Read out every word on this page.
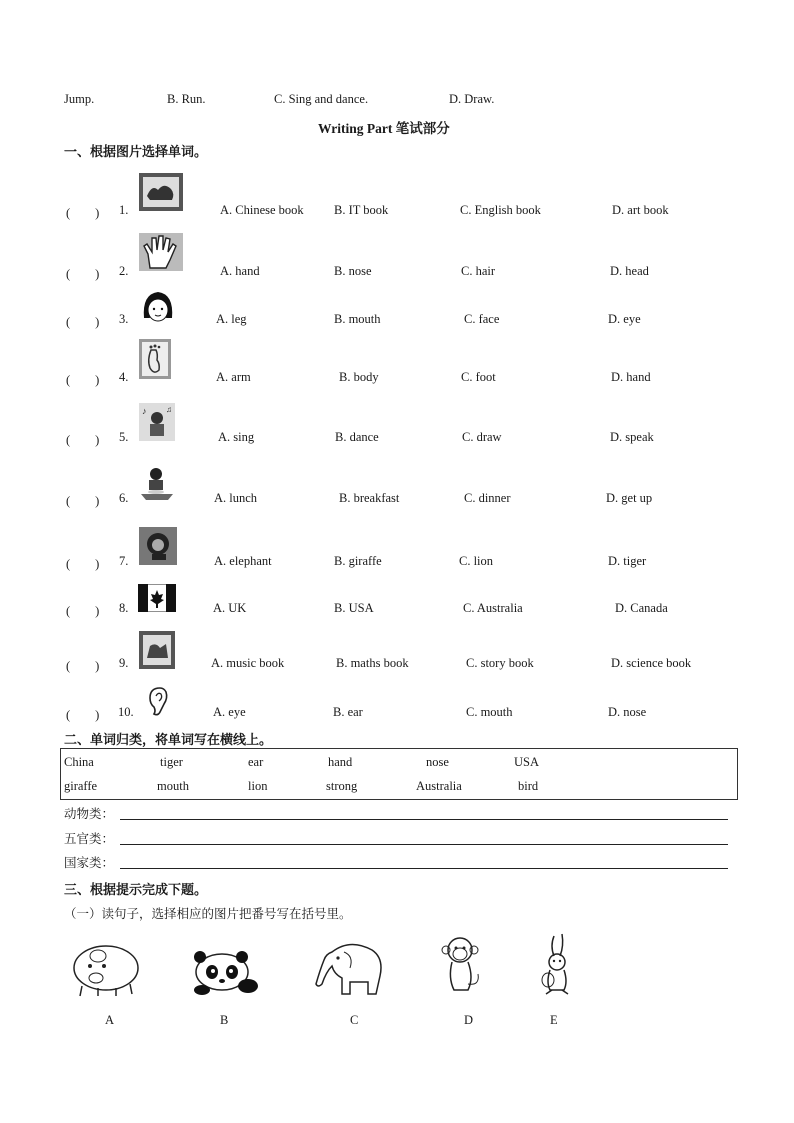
Jump.	B. Run.	C. Sing and dance.	D. Draw.
Writing Part 笔试部分
一、根据图片选择单词。
(　　) 1.	A. Chinese book B. IT book	C. English book	D. art book
(　　) 2.	A. hand	B. nose	C. hair	D. head
(　　) 3.	A. leg	B. mouth	C. face	D. eye
(　　) 4.	A. arm	B. body	C. foot	D. hand
(　　) 5.	A. sing	B. dance	C. draw	D. speak
(　　) 6.	A. lunch	B. breakfast	C. dinner	D. get up
(　　) 7.	A. elephant	B. giraffe	C. lion	D. tiger
(　　) 8.	A. UK	B. USA	C. Australia	D. Canada
(　　) 9.	A. music book	B. maths book	C. story book	D. science book
(　　) 10.	A. eye	B. ear	C. mouth	D. nose
♪ ♫
二、单词归类，将单词写在横线上。
China	tiger	ear	hand	nose	USA
giraffe	mouth	lion	strong	Australia	bird
动物类：
五官类：
国家类：
三、根据提示完成下题。
（一）读句子，选择相应的图片把番号写在括号里。
A	B	C	D	E
